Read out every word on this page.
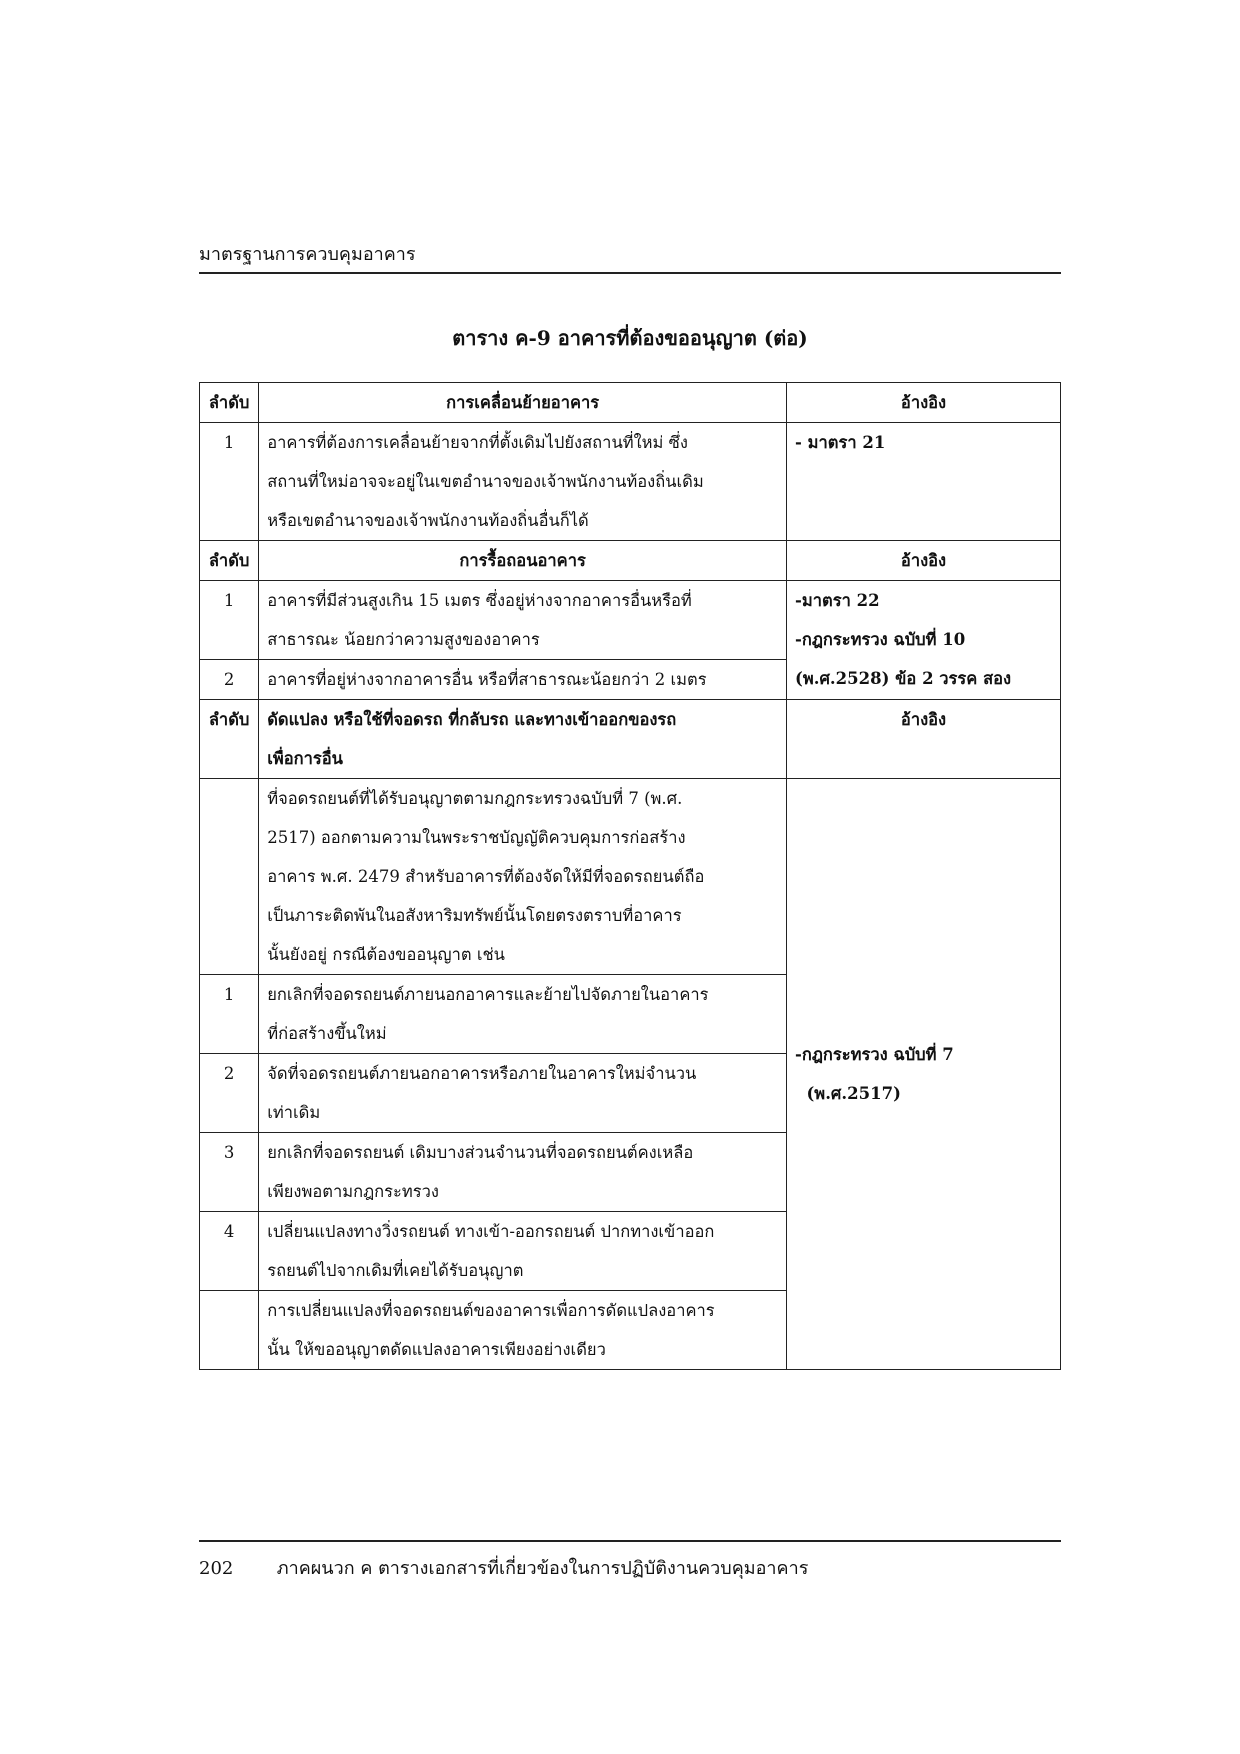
มาตรฐานการควบคุมอาคาร
ตาราง ค-9 อาคารที่ต้องขออนุญาต (ต่อ)
ลำดับ	การเคลื่อนย้ายอาคาร	อ้างอิง
1	อาคารที่ต้องการเคลื่อนย้ายจากที่ตั้งเดิมไปยังสถานที่ใหม่ ซึ่ง
สถานที่ใหม่อาจจะอยู่ในเขตอำนาจของเจ้าพนักงานท้องถิ่นเดิม
หรือเขตอำนาจของเจ้าพนักงานท้องถิ่นอื่นก็ได้	- มาตรา 21

ลำดับ	การรื้อถอนอาคาร	อ้างอิง
1	อาคารที่มีส่วนสูงเกิน 15 เมตร ซึ่งอยู่ห่างจากอาคารอื่นหรือที่
สาธารณะ น้อยกว่าความสูงของอาคาร	-มาตรา 22
-กฎกระทรวง ฉบับที่ 10
(พ.ศ.2528) ข้อ 2 วรรค สอง

2	อาคารที่อยู่ห่างจากอาคารอื่น หรือที่สาธารณะน้อยกว่า 2 เมตร	

ลำดับ	ดัดแปลง หรือใช้ที่จอดรถ ที่กลับรถ และทางเข้าออกของรถ
เพื่อการอื่น	อ้างอิง

	ที่จอดรถยนต์ที่ได้รับอนุญาตตามกฎกระทรวงฉบับที่ 7 (พ.ศ.
2517) ออกตามความในพระราชบัญญัติควบคุมการก่อสร้าง
อาคาร พ.ศ. 2479 สำหรับอาคารที่ต้องจัดให้มีที่จอดรถยนต์ถือ
เป็นภาระติดพันในอสังหาริมทรัพย์นั้นโดยตรงตราบที่อาคาร
นั้นยังอยู่ กรณีต้องขออนุญาต เช่น	-กฎกระทรวง ฉบับที่ 7
(พ.ศ.2517)

1	ยกเลิกที่จอดรถยนต์ภายนอกอาคารและย้ายไปจัดภายในอาคาร
ที่ก่อสร้างขึ้นใหม่	

2	จัดที่จอดรถยนต์ภายนอกอาคารหรือภายในอาคารใหม่จำนวน
เท่าเดิม	

3	ยกเลิกที่จอดรถยนต์ เดิมบางส่วนจำนวนที่จอดรถยนต์คงเหลือ
เพียงพอตามกฎกระทรวง	

4	เปลี่ยนแปลงทางวิ่งรถยนต์ ทางเข้า-ออกรถยนต์ ปากทางเข้าออก
รถยนต์ไปจากเดิมที่เคยได้รับอนุญาต	

	การเปลี่ยนแปลงที่จอดรถยนต์ของอาคารเพื่อการดัดแปลงอาคาร
นั้น ให้ขออนุญาตดัดแปลงอาคารเพียงอย่างเดียว	
202 ภาคผนวก ค ตารางเอกสารที่เกี่ยวข้องในการปฏิบัติงานควบคุมอาคาร
